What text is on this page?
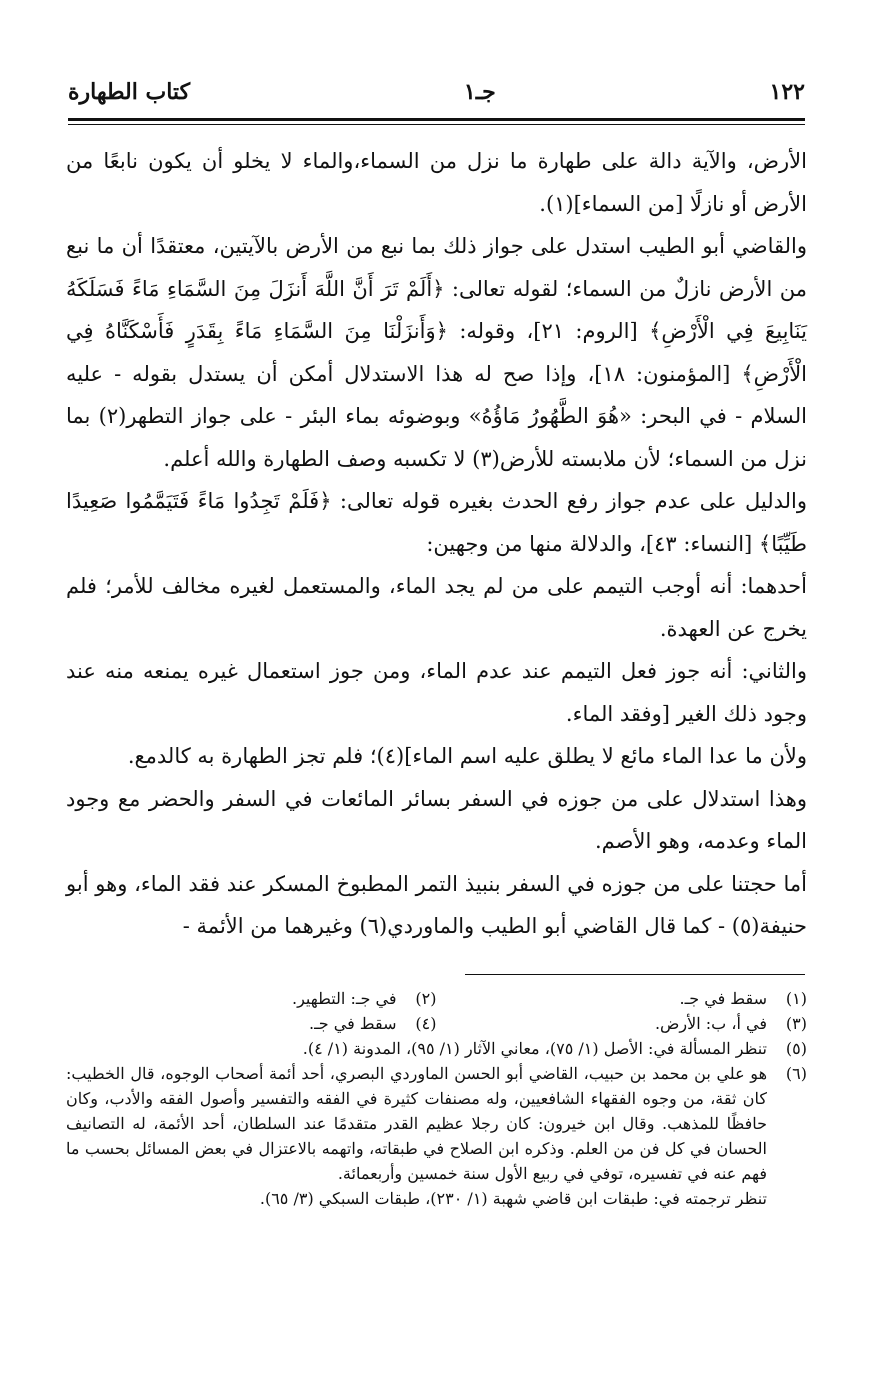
١٢٢
جـ١
كتاب الطهارة

الأرض، والآية دالة على طهارة ما نزل من السماء،والماء لا يخلو أن يكون نابعًا من الأرض أو نازلًا [من السماء](١).

والقاضي أبو الطيب استدل على جواز ذلك بما نبع من الأرض بالآيتين، معتقدًا أن ما نبع من الأرض نازلٌ من السماء؛ لقوله تعالى: ﴿أَلَمْ تَرَ أَنَّ اللَّهَ أَنزَلَ مِنَ السَّمَاءِ مَاءً فَسَلَكَهُ يَنَابِيعَ فِي الْأَرْضِ﴾ [الروم: ٢١]، وقوله: ﴿وَأَنزَلْنَا مِنَ السَّمَاءِ مَاءً بِقَدَرٍ فَأَسْكَنَّاهُ فِي الْأَرْضِ﴾ [المؤمنون: ١٨]، وإذا صح له هذا الاستدلال أمكن أن يستدل بقوله - عليه السلام - في البحر: «هُوَ الطَّهُورُ مَاؤُهُ» وبوضوئه بماء البئر - على جواز التطهر(٢) بما نزل من السماء؛ لأن ملابسته للأرض(٣) لا تكسبه وصف الطهارة والله أعلم.

والدليل على عدم جواز رفع الحدث بغيره قوله تعالى: ﴿فَلَمْ تَجِدُوا مَاءً فَتَيَمَّمُوا صَعِيدًا طَيِّبًا﴾ [النساء: ٤٣]، والدلالة منها من وجهين:

أحدهما: أنه أوجب التيمم على من لم يجد الماء، والمستعمل لغيره مخالف للأمر؛ فلم يخرج عن العهدة.

والثاني: أنه جوز فعل التيمم عند عدم الماء، ومن جوز استعمال غيره يمنعه منه عند وجود ذلك الغير [وفقد الماء.

ولأن ما عدا الماء مائع لا يطلق عليه اسم الماء](٤)؛ فلم تجز الطهارة به كالدمع.

وهذا استدلال على من جوزه في السفر بسائر المائعات في السفر والحضر مع وجود الماء وعدمه، وهو الأصم.

أما حجتنا على من جوزه في السفر بنبيذ التمر المطبوخ المسكر عند فقد الماء، وهو أبو حنيفة(٥) - كما قال القاضي أبو الطيب والماوردي(٦) وغيرهما من الأئمة -

(١)
سقط في جـ.
(٢)
في جـ: التطهير.
(٣)
في أ، ب: الأرض.
(٤)
سقط في جـ.
(٥)
تنظر المسألة في: الأصل (١/ ٧٥)، معاني الآثار (١/ ٩٥)، المدونة (١/ ٤).
(٦)
هو علي بن محمد بن حبيب، القاضي أبو الحسن الماوردي البصري، أحد أئمة أصحاب الوجوه، قال الخطيب: كان ثقة، من وجوه الفقهاء الشافعيين، وله مصنفات كثيرة في الفقه والتفسير وأصول الفقه والأدب، وكان حافظًا للمذهب. وقال ابن خيرون: كان رجلا عظيم القدر متقدمًا عند السلطان، أحد الأئمة، له التصانيف الحسان في كل فن من العلم. وذكره ابن الصلاح في طبقاته، واتهمه بالاعتزال في بعض المسائل بحسب ما فهم عنه في تفسيره، توفي في ربيع الأول سنة خمسين وأربعمائة.
تنظر ترجمته في: طبقات ابن قاضي شهبة (١/ ٢٣٠)، طبقات السبكي (٣/ ٦٥).
